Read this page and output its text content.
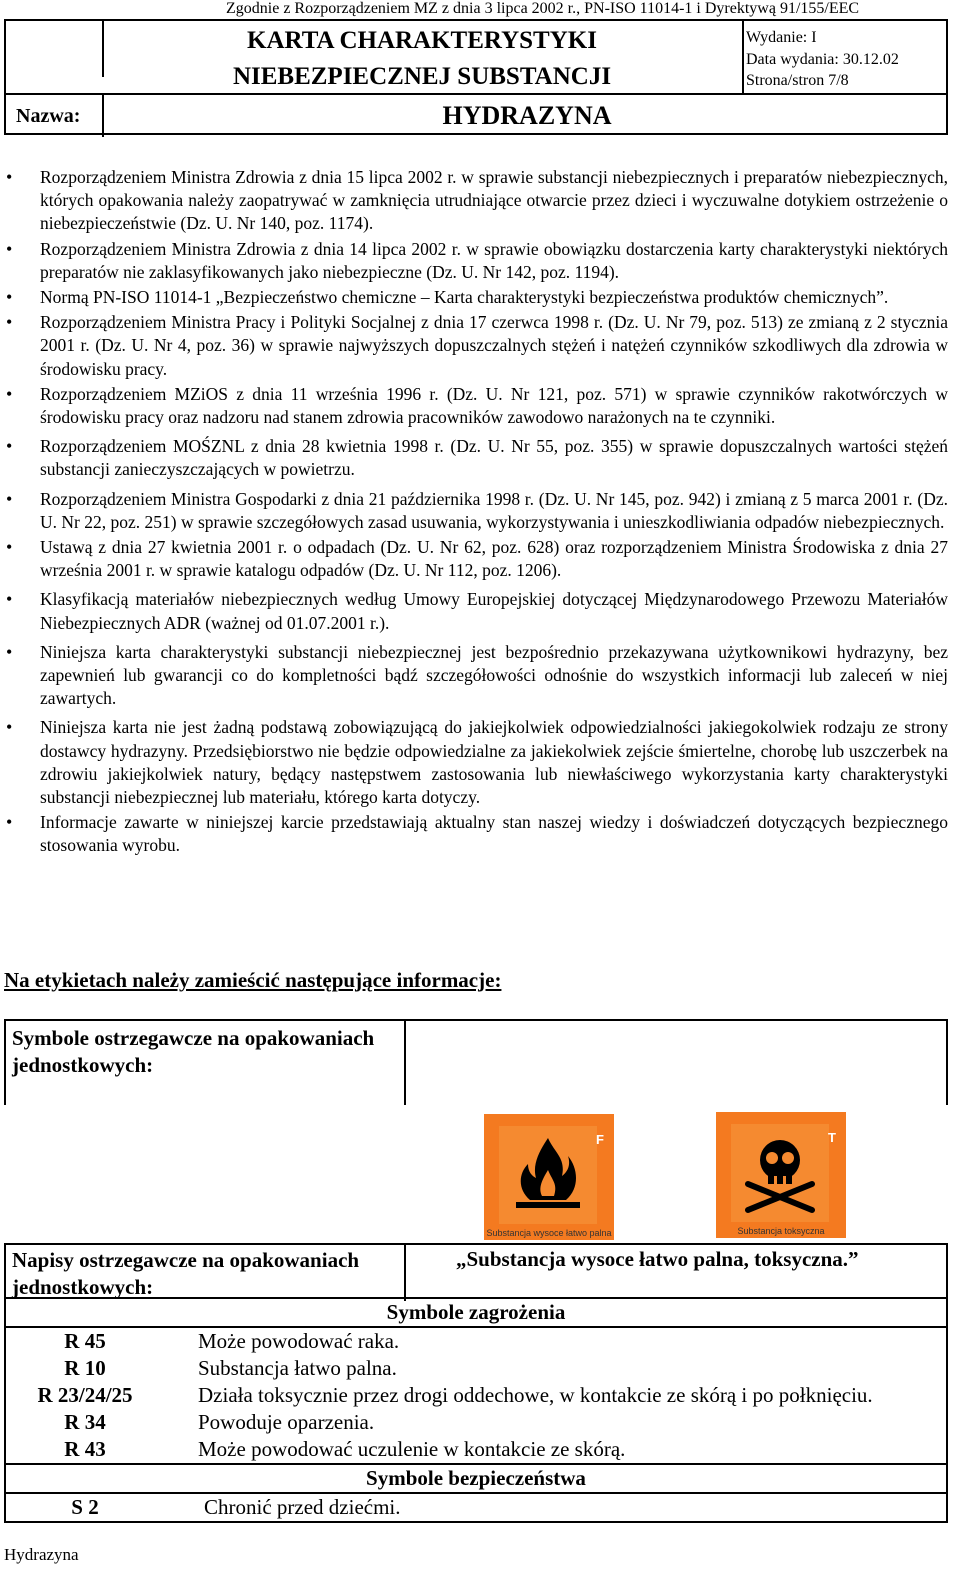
Zgodnie z Rozporządzeniem MZ z dnia 3 lipca 2002 r., PN-ISO 11014-1 i Dyrektywą 91/155/EEC
KARTA CHARAKTERYSTYKI
NIEBEZPIECZNEJ SUBSTANCJI
Wydanie: I
Data wydania: 30.12.02
Strona/stron 7/8
Nazwa:	HYDRAZYNA
• Rozporządzeniem Ministra Zdrowia z dnia 15 lipca 2002 r. w sprawie substancji niebezpiecznych i preparatów niebezpiecznych, których opakowania należy zaopatrywać w zamknięcia utrudniające otwarcie przez dzieci i wyczuwalne dotykiem ostrzeżenie o niebezpieczeństwie (Dz. U. Nr 140, poz. 1174).
• Rozporządzeniem Ministra Zdrowia z dnia 14 lipca 2002 r. w sprawie obowiązku dostarczenia karty charakterystyki niektórych preparatów nie zaklasyfikowanych jako niebezpieczne (Dz. U. Nr 142, poz. 1194).
• Normą PN-ISO 11014-1 „Bezpieczeństwo chemiczne – Karta charakterystyki bezpieczeństwa produktów chemicznych”.
• Rozporządzeniem Ministra Pracy i Polityki Socjalnej z dnia 17 czerwca 1998 r. (Dz. U. Nr 79, poz. 513) ze zmianą z 2 stycznia 2001 r. (Dz. U. Nr 4, poz. 36) w sprawie najwyższych dopuszczalnych stężeń i natężeń czynników szkodliwych dla zdrowia w środowisku pracy.
• Rozporządzeniem MZiOS z dnia 11 września 1996 r. (Dz. U. Nr 121, poz. 571) w sprawie czynników rakotwórczych w środowisku pracy oraz nadzoru nad stanem zdrowia pracowników zawodowo narażonych na te czynniki.
• Rozporządzeniem MOŚZNL z dnia 28 kwietnia 1998 r. (Dz. U. Nr 55, poz. 355) w sprawie dopuszczalnych wartości stężeń substancji zanieczyszczających w powietrzu.
• Rozporządzeniem Ministra Gospodarki z dnia 21 października 1998 r. (Dz. U. Nr 145, poz. 942) i zmianą z 5 marca 2001 r. (Dz. U. Nr 22, poz. 251) w sprawie szczegółowych zasad usuwania, wykorzystywania i unieszkodliwiania odpadów niebezpiecznych.
• Ustawą z dnia 27 kwietnia 2001 r. o odpadach (Dz. U. Nr 62, poz. 628) oraz rozporządzeniem Ministra Środowiska z dnia 27 września 2001 r. w sprawie katalogu odpadów (Dz. U. Nr 112, poz. 1206).
• Klasyfikacją materiałów niebezpiecznych według Umowy Europejskiej dotyczącej Międzynarodowego Przewozu Materiałów Niebezpiecznych ADR (ważnej od 01.07.2001 r.).
• Niniejsza karta charakterystyki substancji niebezpiecznej jest bezpośrednio przekazywana użytkownikowi hydrazyny, bez zapewnień lub gwarancji co do kompletności bądź szczegółowości odnośnie do wszystkich informacji lub zaleceń w niej zawartych.
• Niniejsza karta nie jest żadną podstawą zobowiązującą do jakiejkolwiek odpowiedzialności jakiegokolwiek rodzaju ze strony dostawcy hydrazyny. Przedsiębiorstwo nie będzie odpowiedzialne za jakiekolwiek zejście śmiertelne, chorobę lub uszczerbek na zdrowiu jakiejkolwiek natury, będący następstwem zastosowania lub niewłaściwego wykorzystania karty charakterystyki substancji niebezpiecznej lub materiału, którego karta dotyczy.
• Informacje zawarte w niniejszej karcie przedstawiają aktualny stan naszej wiedzy i doświadczeń dotyczących bezpiecznego stosowania wyrobu.
Na etykietach należy zamieścić następujące informacje:
Symbole ostrzegawcze na opakowaniach jednostkowych:
F
Substancja wysoce łatwo palna
T
Substancja toksyczna
Napisy ostrzegawcze na opakowaniach jednostkowych:
„Substancja wysoce łatwo palna, toksyczna.”
Symbole zagrożenia	
R 45	Może powodować raka.
R 10	Substancja łatwo palna.
R 23/24/25	Działa toksycznie przez drogi oddechowe, w kontakcie ze skórą i po połknięciu.
R 34	Powoduje oparzenia.
R 43	Może powodować uczulenie w kontakcie ze skórą.
Symbole bezpieczeństwa	
S 2	Chronić przed dziećmi.
Hydrazyna
